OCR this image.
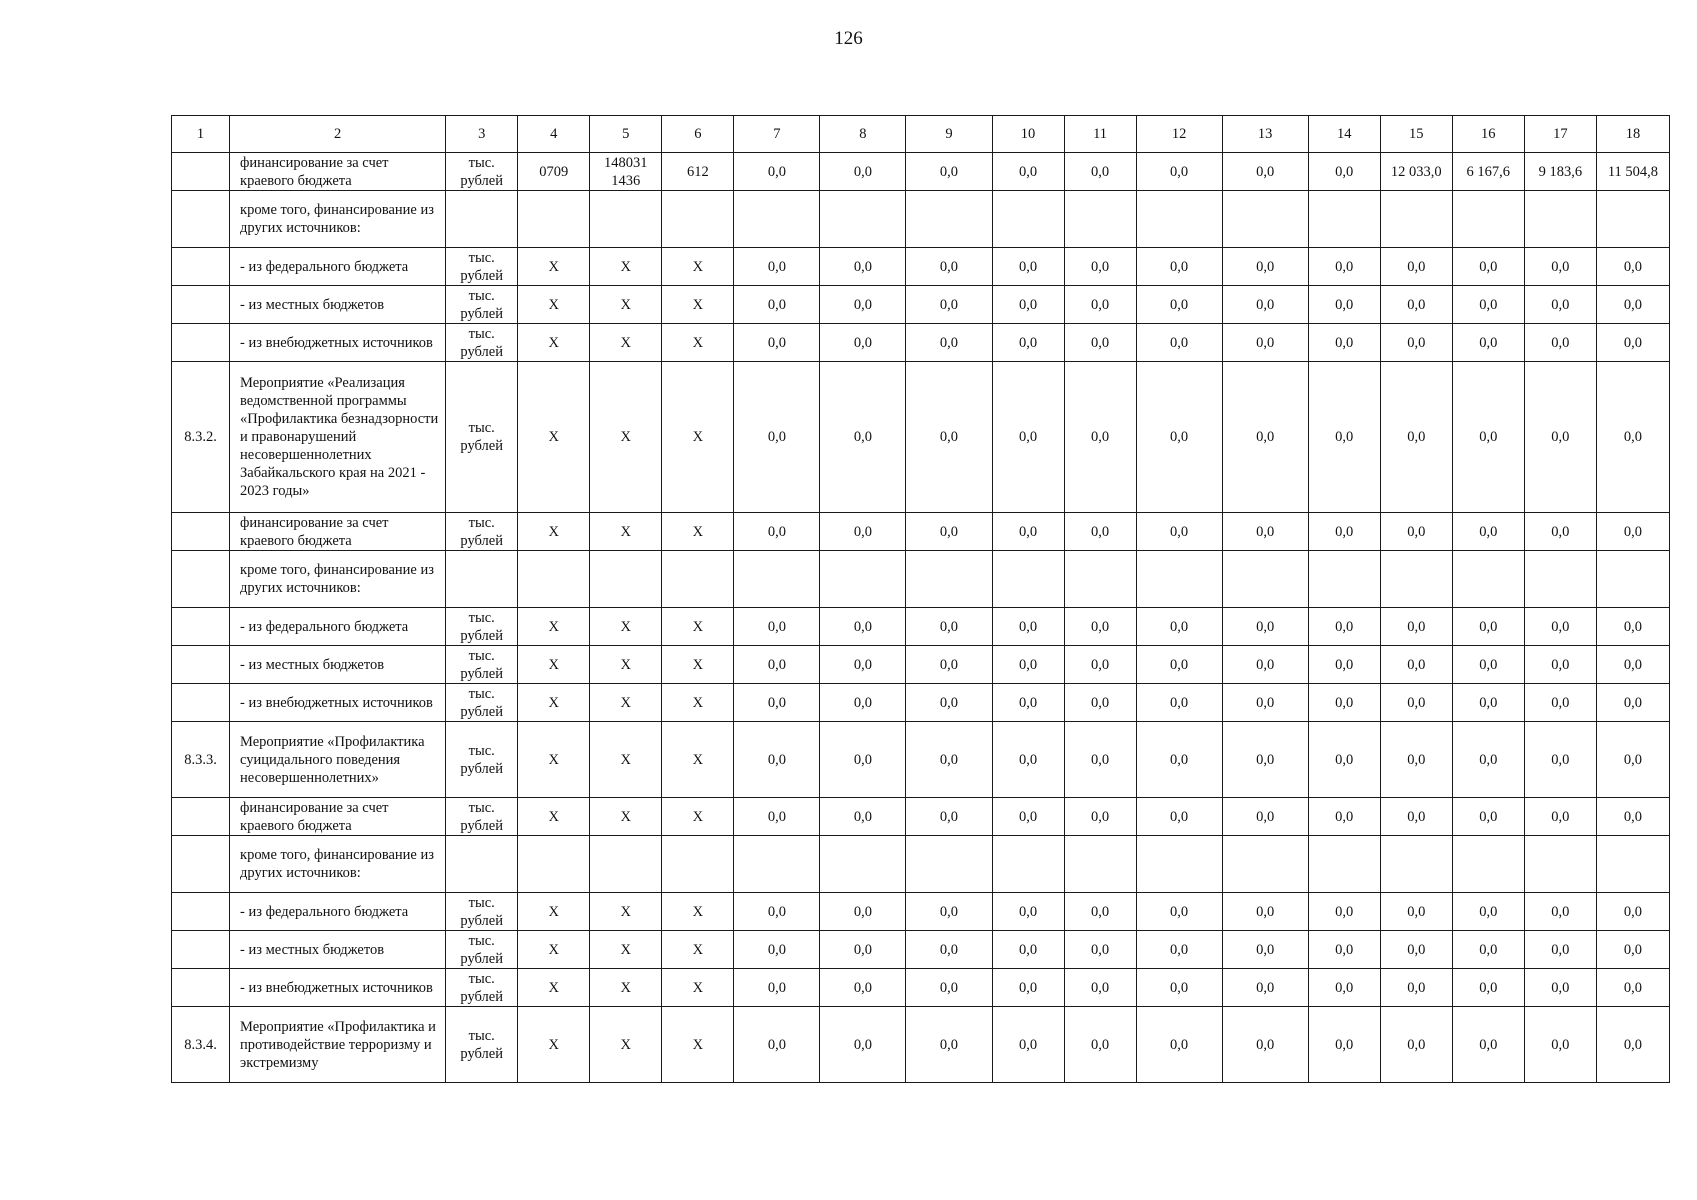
126
1	2	3	4	5	6	7	8	9	10	11	12	13	14	15	16	17	18
	финансирование за счет краевого бюджета	тыс. рублей	0709	148031 1436	612	0,0	0,0	0,0	0,0	0,0	0,0	0,0	0,0	12 033,0	6 167,6	9 183,6	11 504,8
	кроме того, финансирование из других источников:																
	- из федерального бюджета	тыс. рублей	X	X	X	0,0	0,0	0,0	0,0	0,0	0,0	0,0	0,0	0,0	0,0	0,0	0,0
	- из местных бюджетов	тыс. рублей	X	X	X	0,0	0,0	0,0	0,0	0,0	0,0	0,0	0,0	0,0	0,0	0,0	0,0
	- из внебюджетных источников	тыс. рублей	X	X	X	0,0	0,0	0,0	0,0	0,0	0,0	0,0	0,0	0,0	0,0	0,0	0,0
8.3.2.	Мероприятие «Реализация ведомственной программы «Профилактика безнадзорности и правонарушений несовершеннолетних Забайкальского края на 2021 - 2023 годы»	тыс. рублей	X	X	X	0,0	0,0	0,0	0,0	0,0	0,0	0,0	0,0	0,0	0,0	0,0	0,0
	финансирование за счет краевого бюджета	тыс. рублей	X	X	X	0,0	0,0	0,0	0,0	0,0	0,0	0,0	0,0	0,0	0,0	0,0	0,0
	кроме того, финансирование из других источников:																
	- из федерального бюджета	тыс. рублей	X	X	X	0,0	0,0	0,0	0,0	0,0	0,0	0,0	0,0	0,0	0,0	0,0	0,0
	- из местных бюджетов	тыс. рублей	X	X	X	0,0	0,0	0,0	0,0	0,0	0,0	0,0	0,0	0,0	0,0	0,0	0,0
	- из внебюджетных источников	тыс. рублей	X	X	X	0,0	0,0	0,0	0,0	0,0	0,0	0,0	0,0	0,0	0,0	0,0	0,0
8.3.3.	Мероприятие «Профилактика суицидального поведения несовершеннолетних»	тыс. рублей	X	X	X	0,0	0,0	0,0	0,0	0,0	0,0	0,0	0,0	0,0	0,0	0,0	0,0
	финансирование за счет краевого бюджета	тыс. рублей	X	X	X	0,0	0,0	0,0	0,0	0,0	0,0	0,0	0,0	0,0	0,0	0,0	0,0
	кроме того, финансирование из других источников:																
	- из федерального бюджета	тыс. рублей	X	X	X	0,0	0,0	0,0	0,0	0,0	0,0	0,0	0,0	0,0	0,0	0,0	0,0
	- из местных бюджетов	тыс. рублей	X	X	X	0,0	0,0	0,0	0,0	0,0	0,0	0,0	0,0	0,0	0,0	0,0	0,0
	- из внебюджетных источников	тыс. рублей	X	X	X	0,0	0,0	0,0	0,0	0,0	0,0	0,0	0,0	0,0	0,0	0,0	0,0
8.3.4.	Мероприятие «Профилактика и противодействие терроризму и экстремизму	тыс. рублей	X	X	X	0,0	0,0	0,0	0,0	0,0	0,0	0,0	0,0	0,0	0,0	0,0	0,0
